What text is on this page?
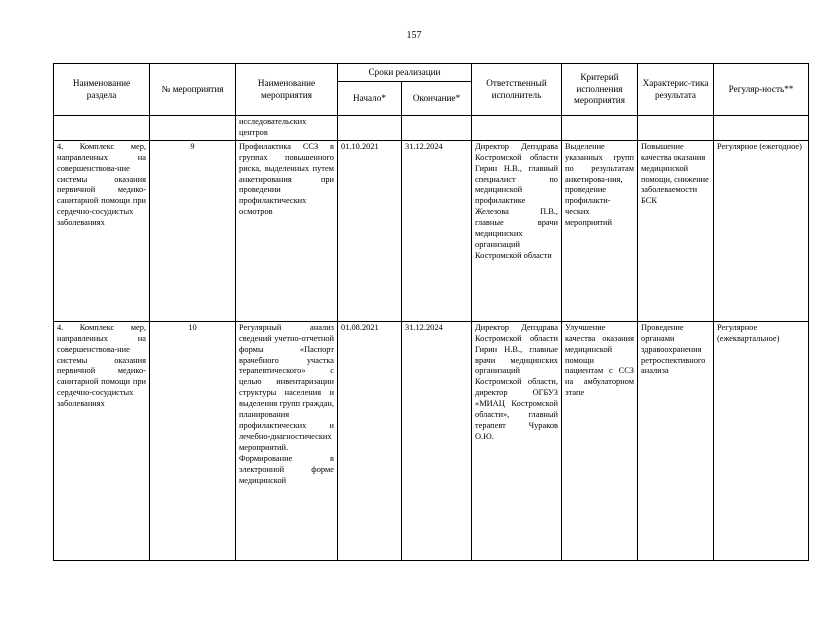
157
Наименование раздела	№ мероприятия	Наименование мероприятия	Сроки реализации		Ответственный исполнитель	Критерий исполнения мероприятия	Характерис-тика результата	Регуляр-ность**
			Начало*	Окончание*				
		исследовательских центров						
4. Комплекс мер, направленных на совершенствова-ние системы оказания первичной медико-санитарной помощи при сердечно-сосудистых заболеваниях	9	Профилактика ССЗ в группах повышенного риска, выделенных путем анкетирования при проведении профилактических осмотров	01.10.2021	31.12.2024	Директор Депздрава Костромской области Гирин Н.В., главный специалист по медицинской профилактике Железова П.В., главные врачи медицинских организаций Костромской области	Выделение указанных групп по результатам анкетирова-ния, проведение профилакти-ческих мероприятий	Повышение качества оказания медицинской помощи, снижение заболеваемости БСК	Регулярное (ежегодное)
4. Комплекс мер, направленных на совершенствова-ние системы оказания первичной медико-санитарной помощи при сердечно-сосудистых заболеваниях	10	Регулярный анализ сведений учетно-отчетной формы «Паспорт врачебного участка терапевтического» с целью инвентаризации структуры населения и выделения групп граждан, планирования профилактических и лечебно-диагностических мероприятий. Формирование в электронной форме медицинской	01.08.2021	31.12.2024	Директор Депздрава Костромской области Гирин Н.В., главные врачи медицинских организаций Костромской области, директор ОГБУЗ «МИАЦ Костромской области», главный терапевт Чураков О.Ю.	Улучшение качества оказания медицинской помощи пациентам с ССЗ на амбулаторном этапе	Проведение органами здравоохранения ретроспективного анализа	Регулярное (ежеквартальное)
